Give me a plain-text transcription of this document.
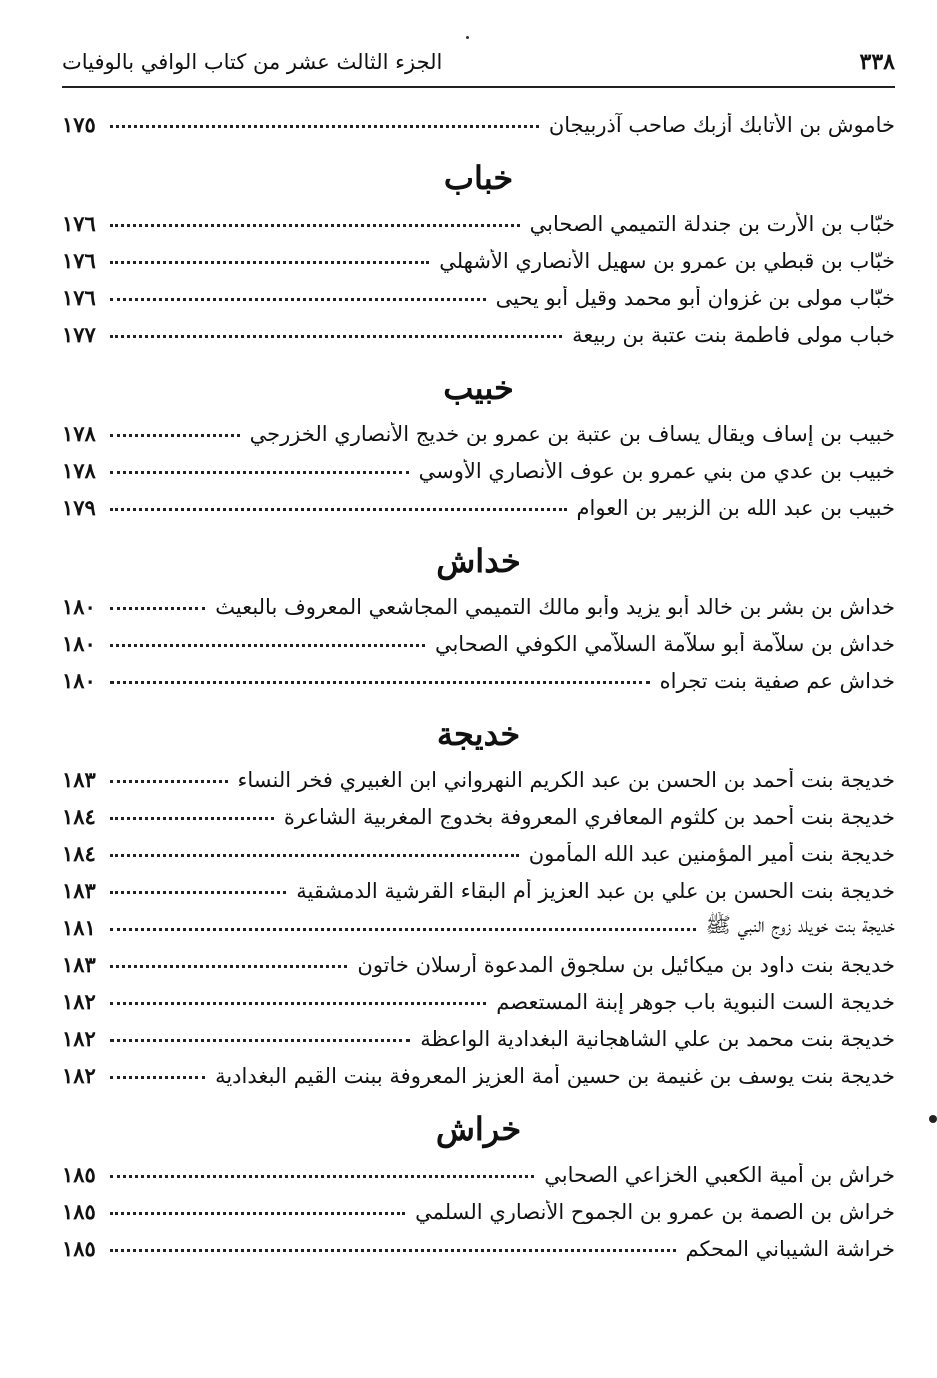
٣٣٨
الجزء الثالث عشر من كتاب الوافي بالوفيات
خاموش بن الأتابك أزبك صاحب آذربيجان
١٧٥
خباب
خبّاب بن الأرت بن جندلة التميمي الصحابي
١٧٦
خبّاب بن قبطي بن عمرو بن سهيل الأنصاري الأشهلي
١٧٦
خبّاب مولى بن غزوان أبو محمد وقيل أبو يحيى
١٧٦
خباب مولى فاطمة بنت عتبة بن ربيعة
١٧٧
خبيب
خبيب بن إساف ويقال يساف بن عتبة بن عمرو بن خديج الأنصاري الخزرجي
١٧٨
خبيب بن عدي من بني عمرو بن عوف الأنصاري الأوسي
١٧٨
خبيب بن عبد الله بن الزبير بن العوام
١٧٩
خداش
خداش بن بشر بن خالد أبو يزيد وأبو مالك التميمي المجاشعي المعروف بالبعيث
١٨٠
خداش بن سلاّمة أبو سلاّمة السلاّمي الكوفي الصحابي
١٨٠
خداش عم صفية بنت تجراه
١٨٠
خديجة
خديجة بنت أحمد بن الحسن بن عبد الكريم النهرواني ابن الغبيري فخر النساء
١٨٣
خديجة بنت أحمد بن كلثوم المعافري المعروفة بخدوج المغربية الشاعرة
١٨٤
خديجة بنت أمير المؤمنين عبد الله المأمون
١٨٤
خديجة بنت الحسن بن علي بن عبد العزيز أم البقاء القرشية الدمشقية
١٨٣
خديجة بنت خويلد زوج النبي ﷺ
١٨١
خديجة بنت داود بن ميكائيل بن سلجوق المدعوة أرسلان خاتون
١٨٣
خديجة الست النبوية باب جوهر إبنة المستعصم
١٨٢
خديجة بنت محمد بن علي الشاهجانية البغدادية الواعظة
١٨٢
خديجة بنت يوسف بن غنيمة بن حسين أمة العزيز المعروفة ببنت القيم البغدادية
١٨٢
خراش
خراش بن أمية الكعبي الخزاعي الصحابي
١٨٥
خراش بن الصمة بن عمرو بن الجموح الأنصاري السلمي
١٨٥
خراشة الشيباني المحكم
١٨٥
